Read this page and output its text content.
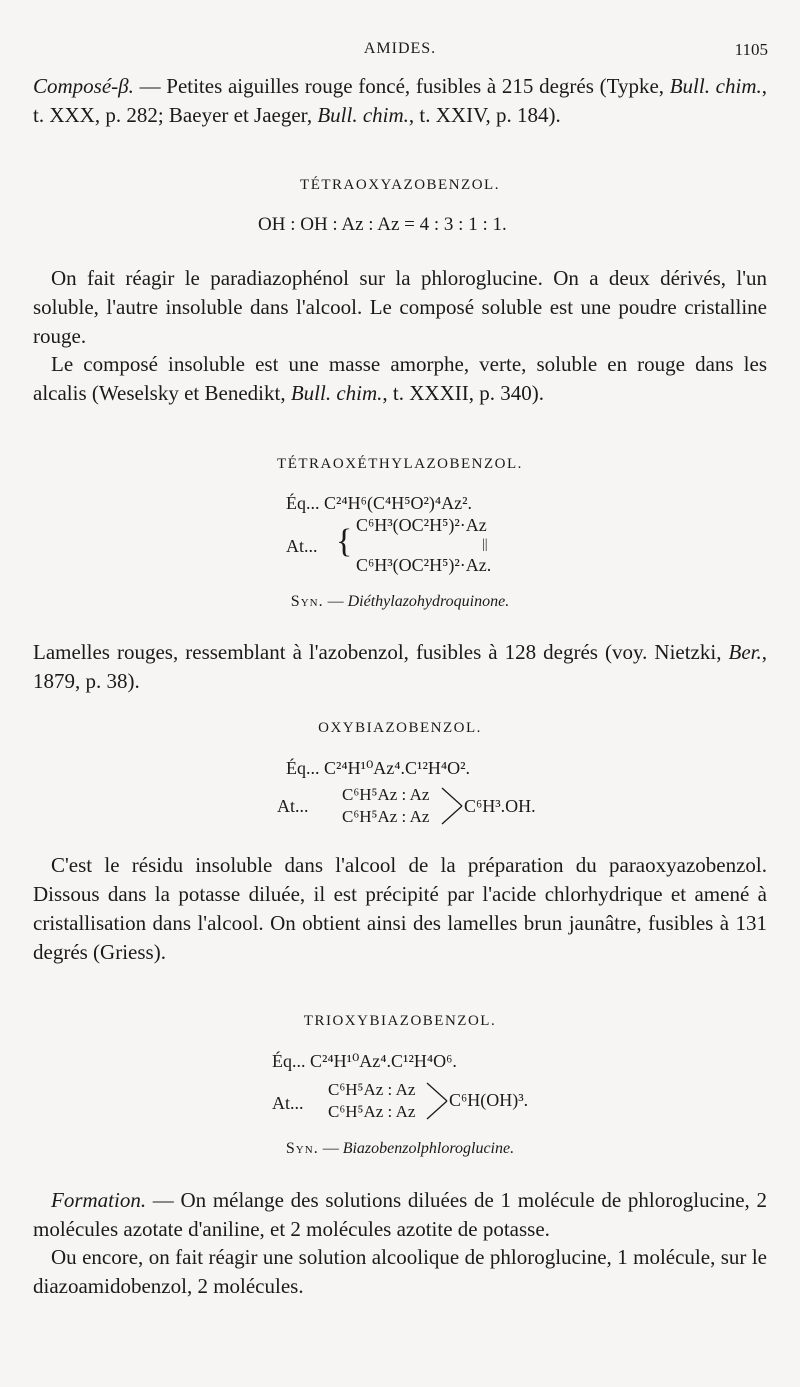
AMIDES.	1105

Composé-β. — Petites aiguilles rouge foncé, fusibles à 215 degrés (Typke, Bull. chim., t. XXX, p. 282; Baeyer et Jaeger, Bull. chim., t. XXIV, p. 184).

TÉTRAOXYAZOBENZOL.
OH : OH : Az : Az = 4 : 3 : 1 : 1.

On fait réagir le paradiazophénol sur la phloroglucine. On a deux dérivés, l'un soluble, l'autre insoluble dans l'alcool. Le composé soluble est une poudre cristalline rouge.

Le composé insoluble est une masse amorphe, verte, soluble en rouge dans les alcalis (Weselsky et Benedikt, Bull. chim., t. XXXII, p. 340).

TÉTRAOXÉTHYLAZOBENZOL.
Éq... C²⁴H⁶(C⁴H⁵O²)⁴Az².
At... { C⁶H³(OC²H⁵)²·Az
||
C⁶H³(OC²H⁵)²·Az.
Syn. — Diéthylazohydroquinone.

Lamelles rouges, ressemblant à l'azobenzol, fusibles à 128 degrés (voy. Nietzki, Ber., 1879, p. 38).

OXYBIAZOBENZOL.
Éq... C²⁴H¹⁰Az⁴.C¹²H⁴O².
At...
C⁶H⁵Az : Az
C⁶H⁵Az : Az
C⁶H³.OH.

C'est le résidu insoluble dans l'alcool de la préparation du paraoxyazobenzol. Dissous dans la potasse diluée, il est précipité par l'acide chlorhydrique et amené à cristallisation dans l'alcool. On obtient ainsi des lamelles brun jaunâtre, fusibles à 131 degrés (Griess).

TRIOXYBIAZOBENZOL.
Éq... C²⁴H¹⁰Az⁴.C¹²H⁴O⁶.
At...
C⁶H⁵Az : Az
C⁶H⁵Az : Az
C⁶H(OH)³.
Syn. — Biazobenzolphloroglucine.

Formation. — On mélange des solutions diluées de 1 molécule de phloroglucine, 2 molécules azotate d'aniline, et 2 molécules azotite de potasse.

Ou encore, on fait réagir une solution alcoolique de phloroglucine, 1 molécule, sur le diazoamidobenzol, 2 molécules.
